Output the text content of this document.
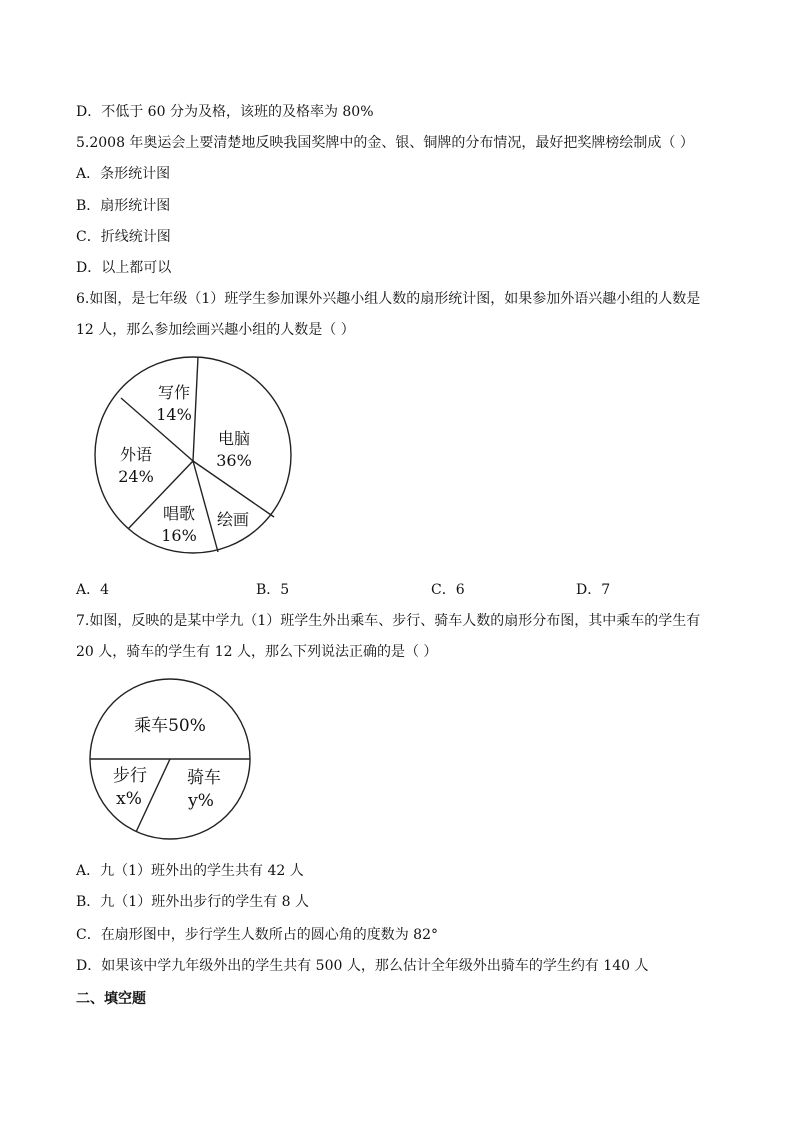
D．不低于 60 分为及格，该班的及格率为 80%
5.2008 年奥运会上要清楚地反映我国奖牌中的金、银、铜牌的分布情况，最好把奖牌榜绘制成（ ）
A．条形统计图
B．扇形统计图
C．折线统计图
D．以上都可以
6.如图，是七年级（1）班学生参加课外兴趣小组人数的扇形统计图，如果参加外语兴趣小组的人数是
12 人，那么参加绘画兴趣小组的人数是（ ）
写作
14%
电脑
36%
绘画
唱歌
16%
外语
24%
A．4	B．5	C．6	D．7
7.如图，反映的是某中学九（1）班学生外出乘车、步行、骑车人数的扇形分布图，其中乘车的学生有
20 人，骑车的学生有 12 人，那么下列说法正确的是（ ）
乘车50%
步行
x%
骑车
y%
A．九（1）班外出的学生共有 42 人
B．九（1）班外出步行的学生有 8 人
C．在扇形图中，步行学生人数所占的圆心角的度数为 82°
D．如果该中学九年级外出的学生共有 500 人，那么估计全年级外出骑车的学生约有 140 人
二、填空题
